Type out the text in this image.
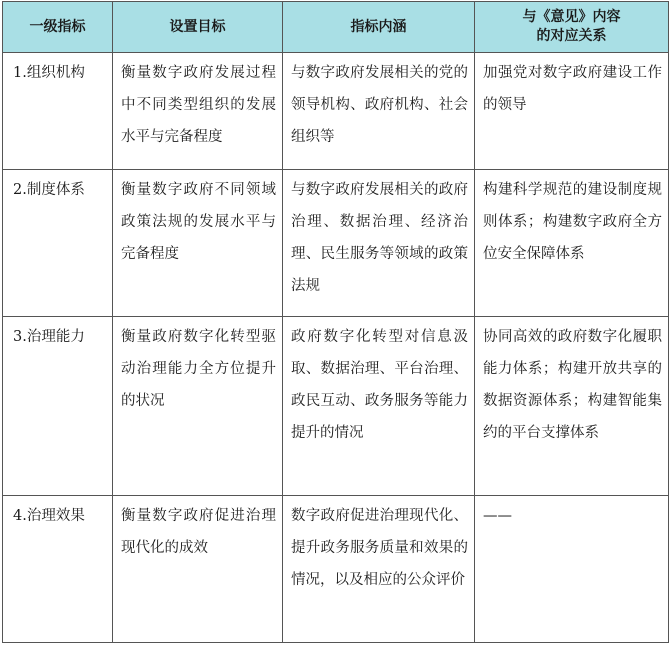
一级指标	设置目标	指标内涵	与《意见》内容
的对应关系

1.组织机构	衡量数字政府发展过程中不同类型组织的发展水平与完备程度	与数字政府发展相关的党的领导机构、政府机构、社会组织等	加强党对数字政府建设工作的领导
2.制度体系	衡量数字政府不同领域政策法规的发展水平与完备程度	与数字政府发展相关的政府治理、数据治理、经济治理、民生服务等领域的政策法规	构建科学规范的建设制度规则体系；构建数字政府全方位安全保障体系
3.治理能力	衡量政府数字化转型驱动治理能力全方位提升的状况	政府数字化转型对信息汲取、数据治理、平台治理、政民互动、政务服务等能力提升的情况	协同高效的政府数字化履职能力体系；构建开放共享的数据资源体系；构建智能集约的平台支撑体系
4.治理效果	衡量数字政府促进治理现代化的成效	数字政府促进治理现代化、提升政务服务质量和效果的情况，以及相应的公众评价	——
